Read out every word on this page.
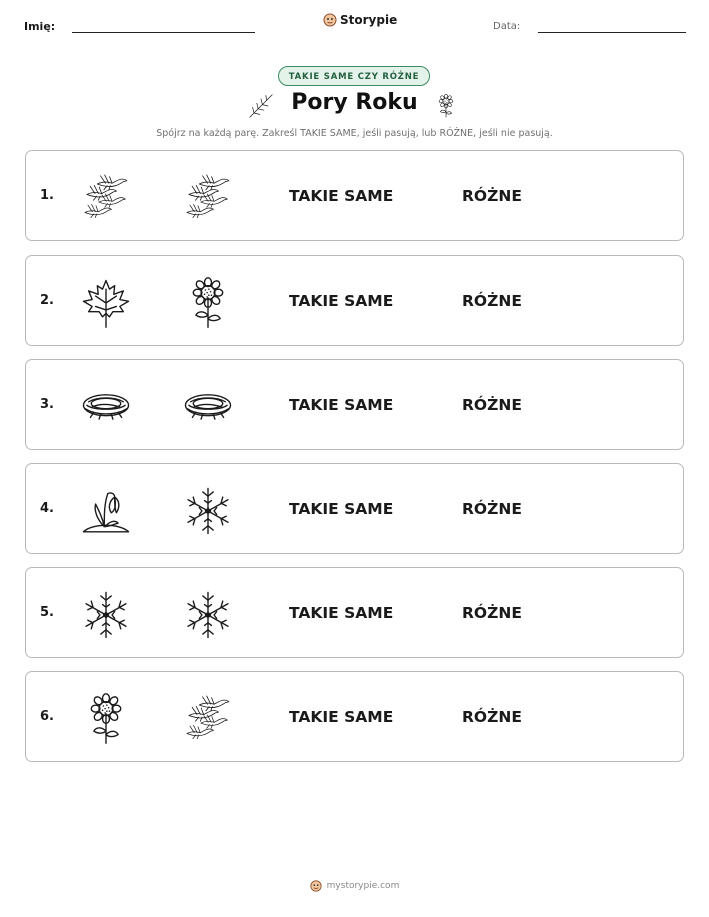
Imię:	Storypie	Data:
TAKIE SAME CZY RÓŻNE
Pory Roku
Spójrz na każdą parę. Zakreśl TAKIE SAME, jeśli pasują, lub RÓŻNE, jeśli nie pasują.
1.	TAKIE SAME	RÓŻNE
2.	TAKIE SAME	RÓŻNE
3.	TAKIE SAME	RÓŻNE
4.	TAKIE SAME	RÓŻNE
5.	TAKIE SAME	RÓŻNE
6.	TAKIE SAME	RÓŻNE
mystorypie.com
